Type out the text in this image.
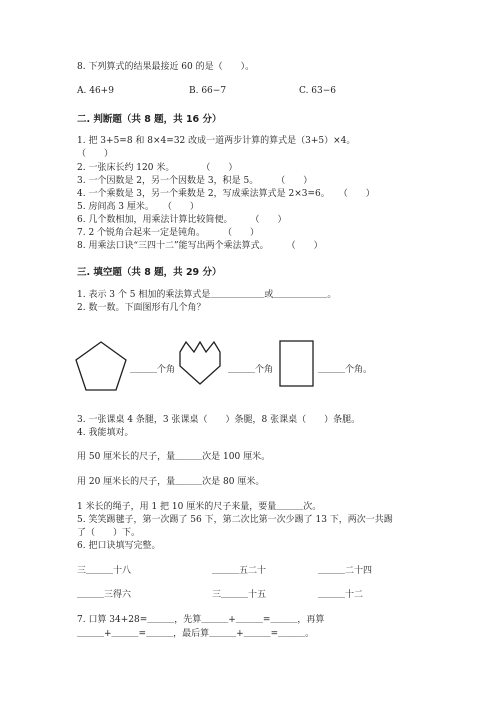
8. 下列算式的结果最接近 60 的是（　　）。
A. 46+9	B. 66−7	C. 63−6
二. 判断题（共 8 题，共 16 分）
1. 把 3+5=8 和 8×4=32 改成一道两步计算的算式是（3+5）×4。
（　　）
2. 一张床长约 120 米。　　　　（　　）
3. 一个因数是 2，另一个因数是 3，积是 5。　　　（　　）
4. 一个乘数是 3，另一个乘数是 2，写成乘法算式是 2×3=6。　　（　　）
5. 房间高 3 厘米。　　（　　）
6. 几个数相加，用乘法计算比较简便。　　　（　　）
7. 2 个锐角合起来一定是钝角。　　　（　　）
8. 用乘法口诀“三四十二”能写出两个乘法算式。　　　（　　）
三. 填空题（共 8 题，共 29 分）
1. 表示 3 个 5 相加的乘法算式是＿＿＿＿＿＿或＿＿＿＿＿＿。
2. 数一数。下面图形有几个角？
＿＿＿个角	＿＿＿个角	＿＿＿个角。
3. 一张课桌 4 条腿，3 张课桌（　　）条腿，8 张课桌（　　）条腿。
4. 我能填对。
用 50 厘米长的尺子，量＿＿＿次是 100 厘米。
用 20 厘米长的尺子，量＿＿＿次是 80 厘米。
1 米长的绳子，用 1 把 10 厘米的尺子来量，要量＿＿＿次。
5. 笑笑踢毽子，第一次踢了 56 下，第二次比第一次少踢了 13 下，两次一共踢
了（　　）下。
6. 把口诀填写完整。
三＿＿＿十八	＿＿＿五二十	＿＿＿二十四
＿＿＿三得六	三＿＿＿十五	＿＿＿十二
7. 口算 34+28=＿＿＿，先算＿＿＿+＿＿＿=＿＿＿，再算
＿＿＿+＿＿＿=＿＿＿，最后算＿＿＿+＿＿＿=＿＿＿。
